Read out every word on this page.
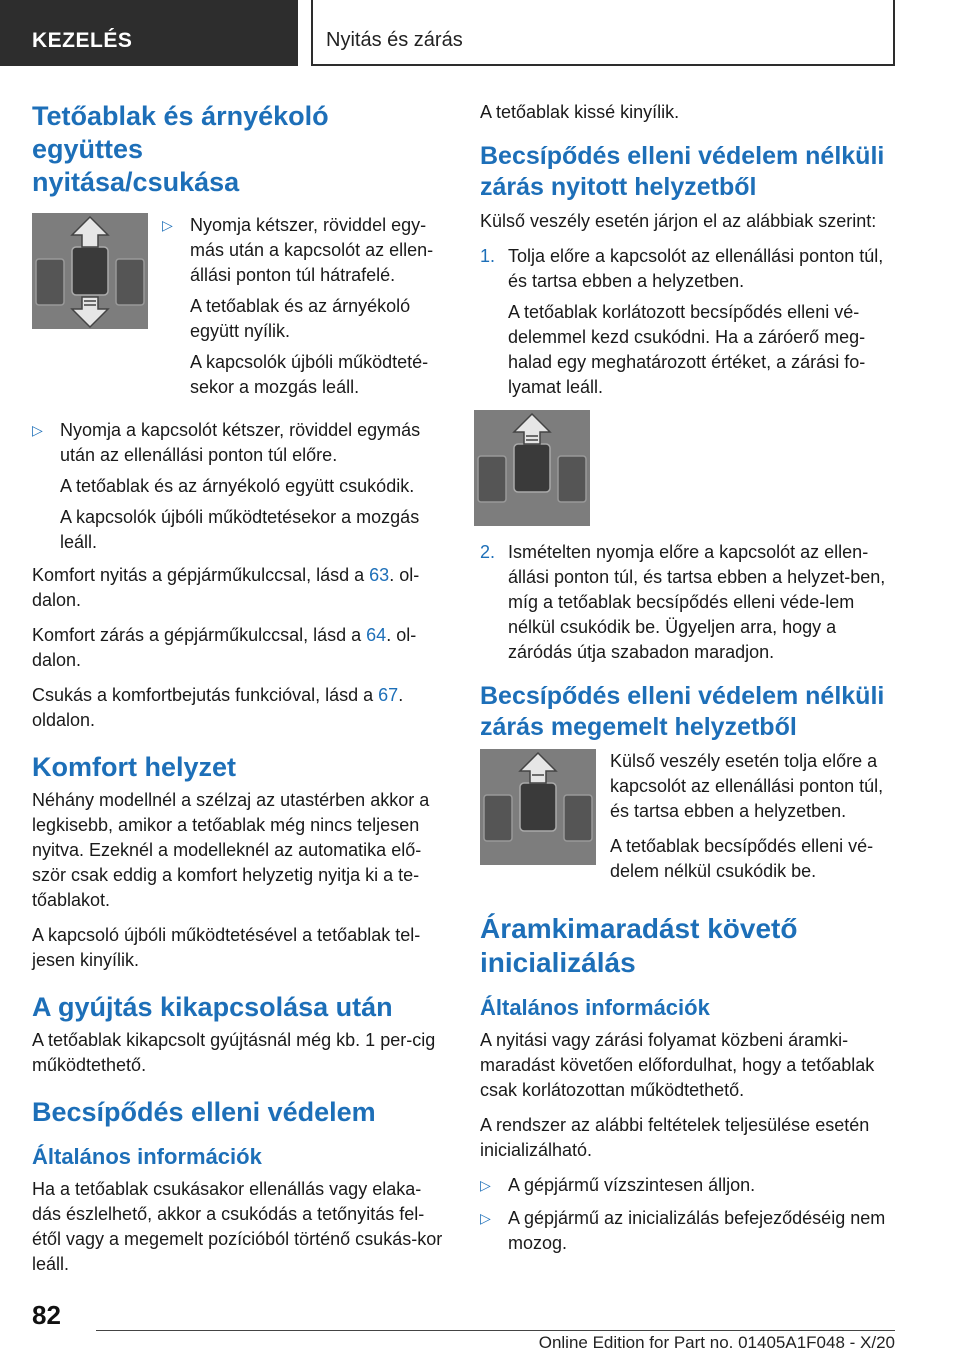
KEZELÉS	Nyitás és zárás
Tetőablak és árnyékoló együttes
nyitása/csukása
▷ Nyomja kétszer, röviddel egy-más után a kapcsolót az ellen-állási ponton túl hátrafelé.

A tetőablak és az árnyékoló együtt nyílik.

A kapcsolók újbóli működteté-sekor a mozgás leáll.

▷ Nyomja a kapcsolót kétszer, röviddel egymás után az ellenállási ponton túl előre.

A tetőablak és az árnyékoló együtt csukódik.

A kapcsolók újbóli működtetésekor a mozgás leáll.

Komfort nyitás a gépjárműkulccsal, lásd a 63. ol-dalon.

Komfort zárás a gépjárműkulccsal, lásd a 64. ol-dalon.

Csukás a komfortbejutás funkcióval, lásd a 67. oldalon.

Komfort helyzet

Néhány modellnél a szélzaj az utastérben akkor a legkisebb, amikor a tetőablak még nincs teljesen nyitva. Ezeknél a modelleknél az automatika elő-ször csak eddig a komfort helyzetig nyitja ki a te-tőablakot.

A kapcsoló újbóli működtetésével a tetőablak tel-jesen kinyílik.

A gyújtás kikapcsolása után

A tetőablak kikapcsolt gyújtásnál még kb. 1 per-cig működtethető.

Becsípődés elleni védelem
Általános információk

Ha a tetőablak csukásakor ellenállás vagy elaka-dás észlelhető, akkor a csukódás a tetőnyitás fel-étől vagy a megemelt pozícióból történő csukás-kor leáll.

A tetőablak kissé kinyílik.

Becsípődés elleni védelem nélküli zárás nyitott helyzetből

Külső veszély esetén járjon el az alábbiak szerint:

1. Tolja előre a kapcsolót az ellenállási ponton túl, és tartsa ebben a helyzetben.

A tetőablak korlátozott becsípődés elleni vé-delemmel kezd csukódni. Ha a záróerő meg-halad egy meghatározott értéket, a zárási fo-lyamat leáll.

2. Ismételten nyomja előre a kapcsolót az ellen-állási ponton túl, és tartsa ebben a helyzet-ben, míg a tetőablak becsípődés elleni véde-lem nélkül csukódik be. Ügyeljen arra, hogy a záródás útja szabadon maradjon.

Becsípődés elleni védelem nélküli zárás megemelt helyzetből

Külső veszély esetén tolja előre a kapcsolót az ellenállási ponton túl, és tartsa ebben a helyzetben.

A tetőablak becsípődés elleni vé-delem nélkül csukódik be.

Áramkimaradást követő inicializálás
Általános információk

A nyitási vagy zárási folyamat közbeni áramki-maradást követően előfordulhat, hogy a tetőablak csak korlátozottan működtethető.

A rendszer az alábbi feltételek teljesülése esetén inicializálható.

▷ A gépjármű vízszintesen álljon.

▷ A gépjármű az inicializálás befejeződéséig nem mozog.

82
Online Edition for Part no. 01405A1F048 - X/20
